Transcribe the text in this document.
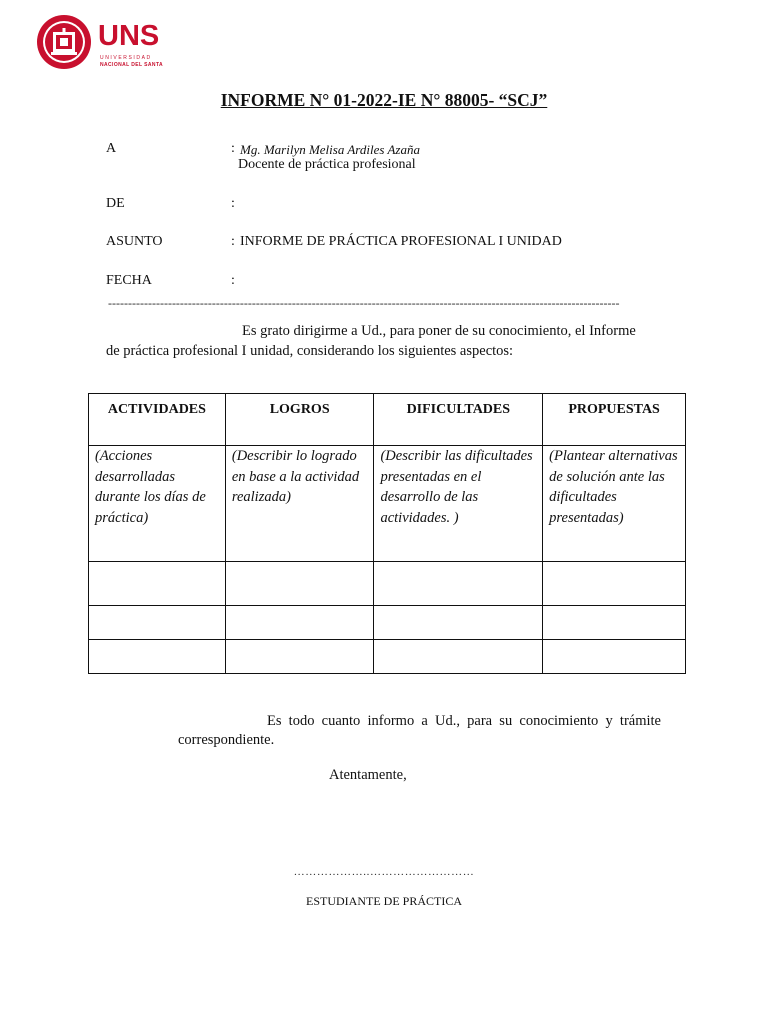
UNS
UNIVERSIDAD
NACIONAL DEL SANTA
INFORME N° 01-2022-IE N° 88005- “SCJ”
A	: Mg. Marilyn Melisa Ardiles Azaña
Docente de práctica profesional
DE	:
ASUNTO	: INFORME DE PRÁCTICA PROFESIONAL I UNIDAD
FECHA	:
--------------------------------------------------------------------------------------------------------------------------------
Es grato dirigirme a Ud., para poner de su conocimiento, el Informe
de práctica profesional I unidad, considerando los siguientes aspectos:
ACTIVIDADES	LOGROS	DIFICULTADES	PROPUESTAS
(Acciones desarrolladas durante los días de práctica)	(Describir lo logrado en base a la actividad realizada)	(Describir las dificultades presentadas en el desarrollo de las actividades. )	(Plantear alternativas de solución ante las dificultades presentadas)

Es todo cuanto informo a Ud., para su conocimiento y trámite
correspondiente.
Atentamente,
………………..………………………
ESTUDIANTE DE PRÁCTICA
